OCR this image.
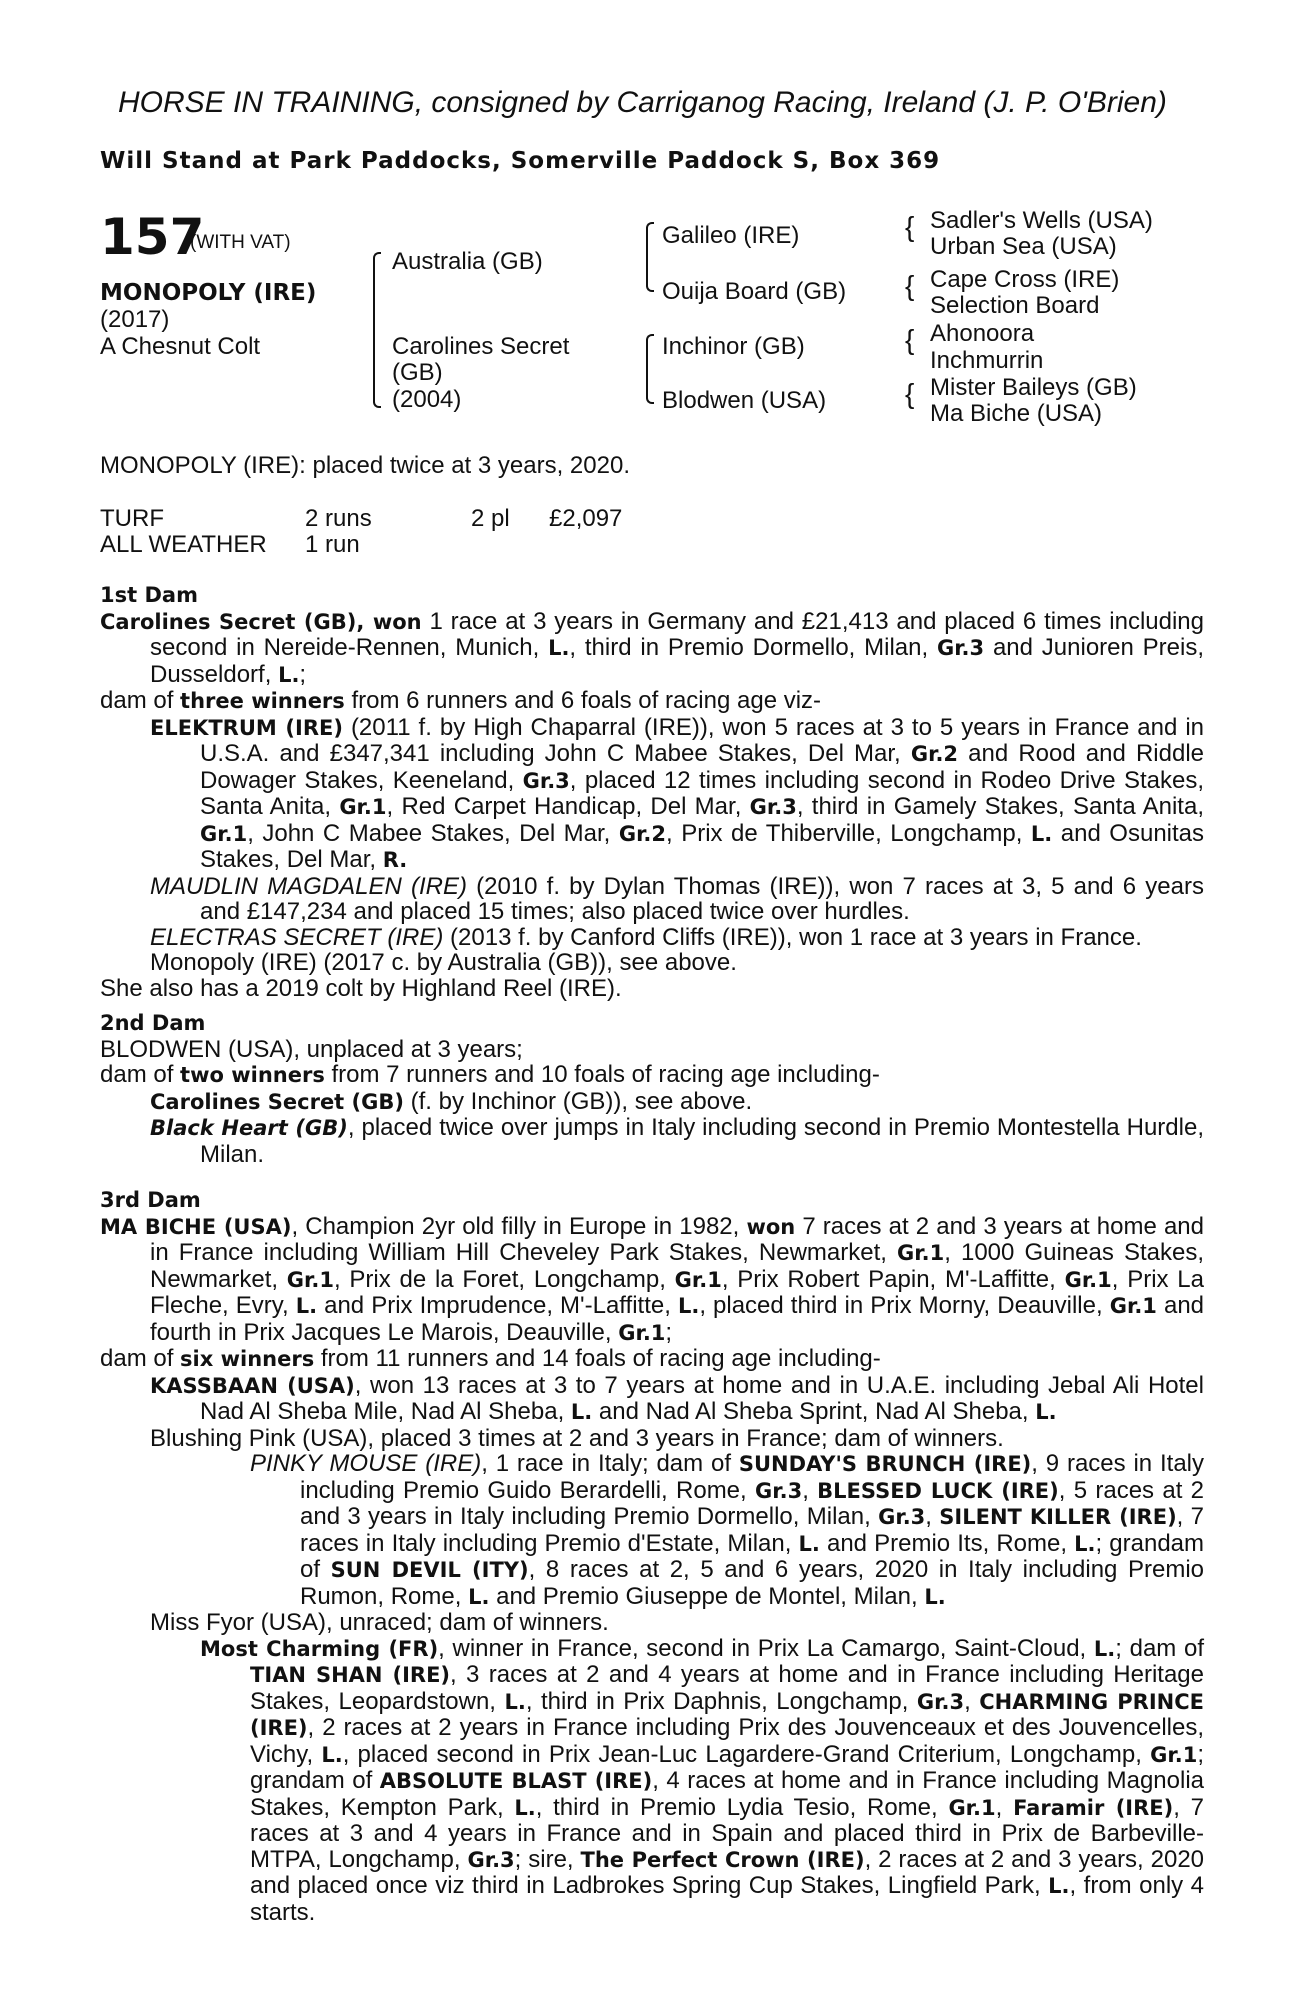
HORSE IN TRAINING, consigned by Carriganog Racing, Ireland (J. P. O'Brien)
Will Stand at Park Paddocks, Somerville Paddock S, Box 369
157
(WITH VAT)
MONOPOLY (IRE)
(2017)
A Chesnut Colt
Australia (GB)
Carolines Secret
(GB)
(2004)
Galileo (IRE)
Ouija Board (GB)
Inchinor (GB)
Blodwen (USA)
{ Sadler's Wells (USA)
Urban Sea (USA)
{ Cape Cross (IRE)
Selection Board
{ Ahonoora
Inchmurrin
{ Mister Baileys (GB)
Ma Biche (USA)
MONOPOLY (IRE): placed twice at 3 years, 2020.
TURF	2 runs	2 pl £2,097
ALL WEATHER 1 run

1st Dam

Carolines Secret (GB), won 1 race at 3 years in Germany and £21,413 and placed 6 times including second in Nereide-Rennen, Munich, L., third in Premio Dormello, Milan, Gr.3 and Junioren Preis, Dusseldorf, L.;

dam of three winners from 6 runners and 6 foals of racing age viz-

ELEKTRUM (IRE) (2011 f. by High Chaparral (IRE)), won 5 races at 3 to 5 years in France and in U.S.A. and £347,341 including John C Mabee Stakes, Del Mar, Gr.2 and Rood and Riddle Dowager Stakes, Keeneland, Gr.3, placed 12 times including second in Rodeo Drive Stakes, Santa Anita, Gr.1, Red Carpet Handicap, Del Mar, Gr.3, third in Gamely Stakes, Santa Anita, Gr.1, John C Mabee Stakes, Del Mar, Gr.2, Prix de Thiberville, Longchamp, L. and Osunitas Stakes, Del Mar, R.

MAUDLIN MAGDALEN (IRE) (2010 f. by Dylan Thomas (IRE)), won 7 races at 3, 5 and 6 years and £147,234 and placed 15 times; also placed twice over hurdles.

ELECTRAS SECRET (IRE) (2013 f. by Canford Cliffs (IRE)), won 1 race at 3 years in France.

Monopoly (IRE) (2017 c. by Australia (GB)), see above.

She also has a 2019 colt by Highland Reel (IRE).

2nd Dam

BLODWEN (USA), unplaced at 3 years;

dam of two winners from 7 runners and 10 foals of racing age including-

Carolines Secret (GB) (f. by Inchinor (GB)), see above.

Black Heart (GB), placed twice over jumps in Italy including second in Premio Montestella Hurdle, Milan.

3rd Dam

MA BICHE (USA), Champion 2yr old filly in Europe in 1982, won 7 races at 2 and 3 years at home and in France including William Hill Cheveley Park Stakes, Newmarket, Gr.1, 1000 Guineas Stakes, Newmarket, Gr.1, Prix de la Foret, Longchamp, Gr.1, Prix Robert Papin, M'-Laffitte, Gr.1, Prix La Fleche, Evry, L. and Prix Imprudence, M'-Laffitte, L., placed third in Prix Morny, Deauville, Gr.1 and fourth in Prix Jacques Le Marois, Deauville, Gr.1;

dam of six winners from 11 runners and 14 foals of racing age including-

KASSBAAN (USA), won 13 races at 3 to 7 years at home and in U.A.E. including Jebal Ali Hotel Nad Al Sheba Mile, Nad Al Sheba, L. and Nad Al Sheba Sprint, Nad Al Sheba, L.

Blushing Pink (USA), placed 3 times at 2 and 3 years in France; dam of winners.

PINKY MOUSE (IRE), 1 race in Italy; dam of SUNDAY'S BRUNCH (IRE), 9 races in Italy including Premio Guido Berardelli, Rome, Gr.3, BLESSED LUCK (IRE), 5 races at 2 and 3 years in Italy including Premio Dormello, Milan, Gr.3, SILENT KILLER (IRE), 7 races in Italy including Premio d'Estate, Milan, L. and Premio Its, Rome, L.; grandam of SUN DEVIL (ITY), 8 races at 2, 5 and 6 years, 2020 in Italy including Premio Rumon, Rome, L. and Premio Giuseppe de Montel, Milan, L.

Miss Fyor (USA), unraced; dam of winners.

Most Charming (FR), winner in France, second in Prix La Camargo, Saint-Cloud, L.; dam of TIAN SHAN (IRE), 3 races at 2 and 4 years at home and in France including Heritage Stakes, Leopardstown, L., third in Prix Daphnis, Longchamp, Gr.3, CHARMING PRINCE (IRE), 2 races at 2 years in France including Prix des Jouvenceaux et des Jouvencelles, Vichy, L., placed second in Prix Jean-Luc Lagardere-Grand Criterium, Longchamp, Gr.1; grandam of ABSOLUTE BLAST (IRE), 4 races at home and in France including Magnolia Stakes, Kempton Park, L., third in Premio Lydia Tesio, Rome, Gr.1, Faramir (IRE), 7 races at 3 and 4 years in France and in Spain and placed third in Prix de Barbeville-MTPA, Longchamp, Gr.3; sire, The Perfect Crown (IRE), 2 races at 2 and 3 years, 2020 and placed once viz third in Ladbrokes Spring Cup Stakes, Lingfield Park, L., from only 4 starts.
